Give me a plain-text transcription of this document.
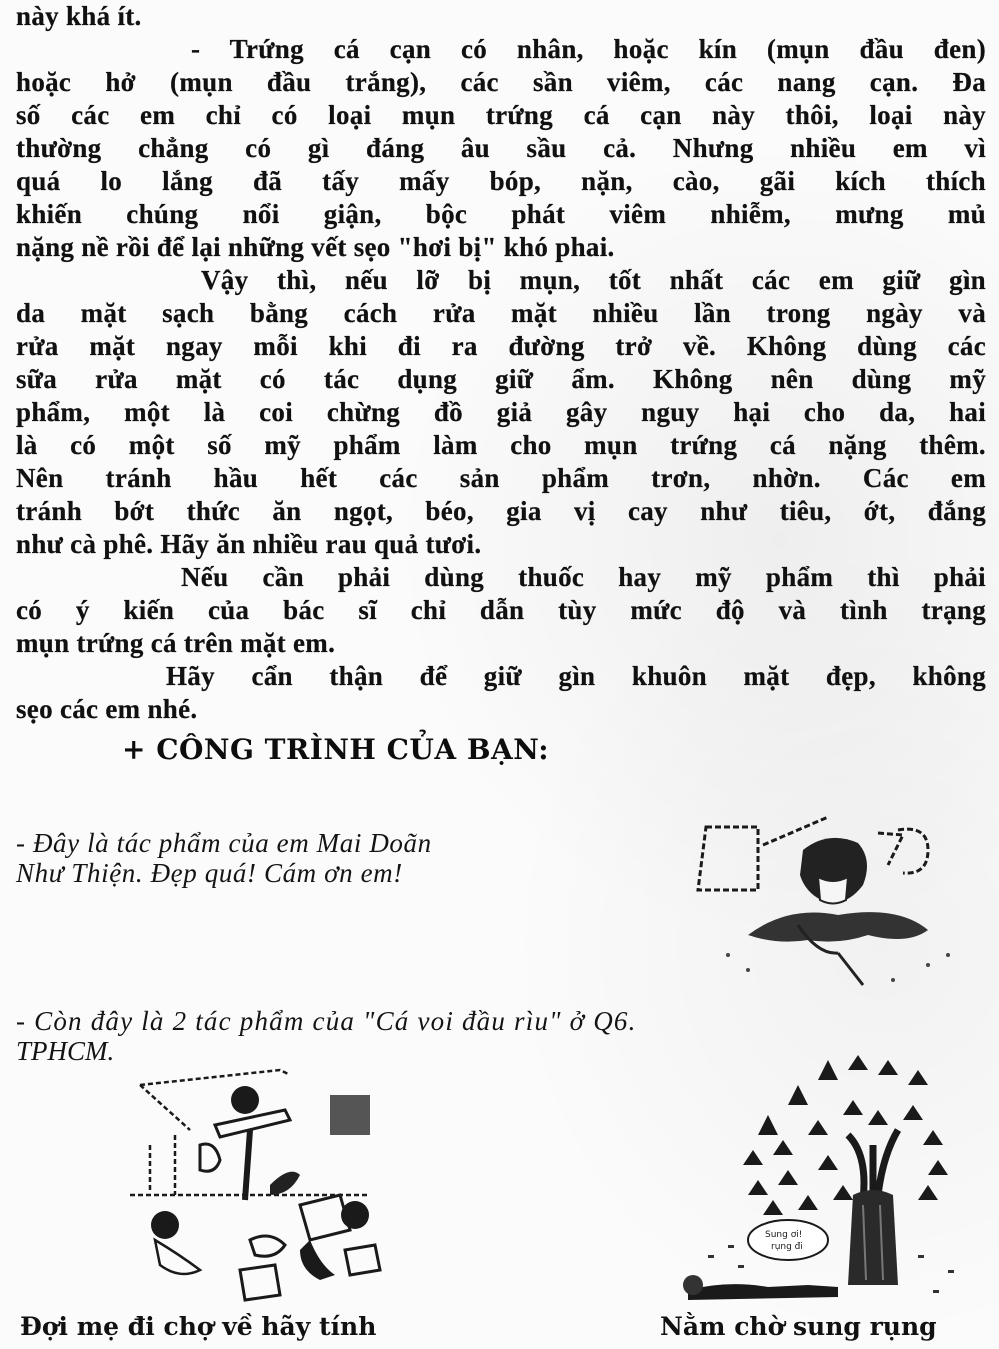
này khá ít.
- Trứng cá cạn có nhân, hoặc kín (mụn đầu đen)
hoặc hở (mụn đầu trắng), các sần viêm, các nang cạn. Đa
số các em chỉ có loại mụn trứng cá cạn này thôi, loại này
thường chẳng có gì đáng âu sầu cả. Nhưng nhiều em vì
quá lo lắng đã tấy mấy bóp, nặn, cào, gãi kích thích
khiến chúng nổi giận, bộc phát viêm nhiễm, mưng mủ
nặng nề rồi để lại những vết sẹo "hơi bị" khó phai.
Vậy thì, nếu lỡ bị mụn, tốt nhất các em giữ gìn
da mặt sạch bằng cách rửa mặt nhiều lần trong ngày và
rửa mặt ngay mỗi khi đi ra đường trở về. Không dùng các
sữa rửa mặt có tác dụng giữ ẩm. Không nên dùng mỹ
phẩm, một là coi chừng đồ giả gây nguy hại cho da, hai
là có một số mỹ phẩm làm cho mụn trứng cá nặng thêm.
Nên tránh hầu hết các sản phẩm trơn, nhờn. Các em
tránh bớt thức ăn ngọt, béo, gia vị cay như tiêu, ớt, đắng
như cà phê. Hãy ăn nhiều rau quả tươi.
Nếu cần phải dùng thuốc hay mỹ phẩm thì phải
có ý kiến của bác sĩ chỉ dẫn tùy mức độ và tình trạng
mụn trứng cá trên mặt em.
Hãy cẩn thận để giữ gìn khuôn mặt đẹp, không
sẹo các em nhé.
+ CÔNG TRÌNH CỦA BẠN:
- Đây là tác phẩm của em Mai Doãn
Như Thiện. Đẹp quá! Cám ơn em!
- Còn đây là 2 tác phẩm của "Cá voi đầu rìu" ở Q6.
TPHCM.
Sung ơi!
rụng đi
Đợi mẹ đi chợ về hãy tính	Nằm chờ sung rụng
